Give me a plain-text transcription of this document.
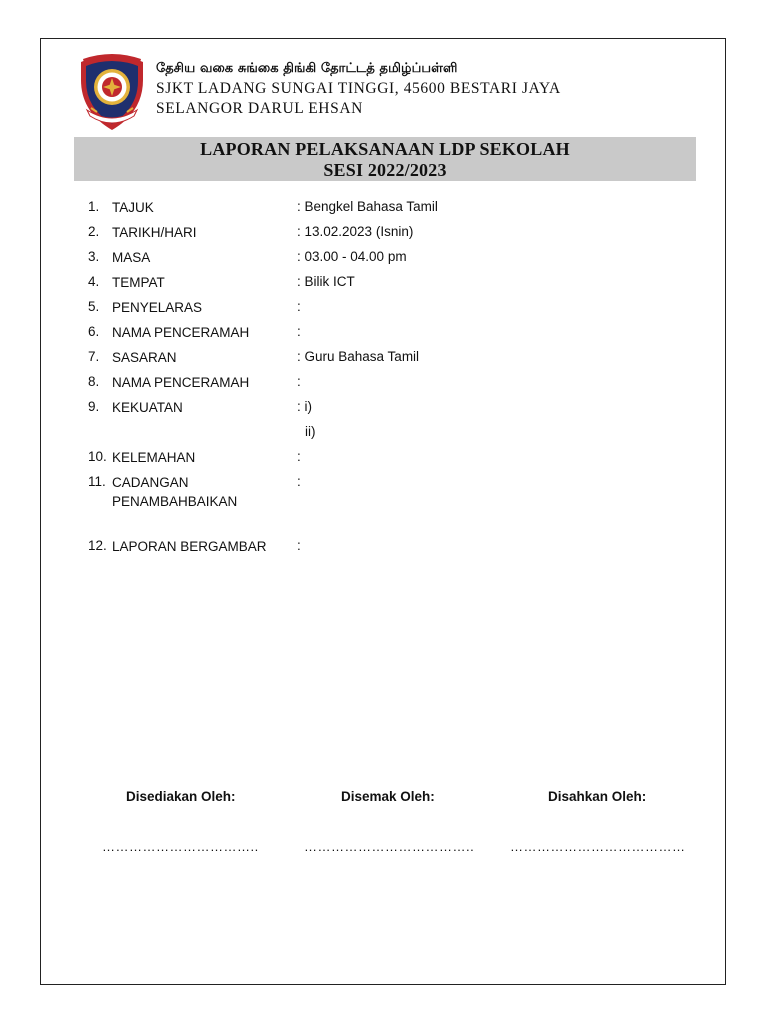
தேசிய வகை சுங்கை திங்கி தோட்டத் தமிழ்ப்பள்ளி
SJKT LADANG SUNGAI TINGGI, 45600 BESTARI JAYA
SELANGOR DARUL EHSAN
LAPORAN PELAKSANAAN LDP SEKOLAH
SESI 2022/2023
1. TAJUK	: Bengkel Bahasa Tamil
2. TARIKH/HARI	: 13.02.2023 (Isnin)
3. MASA	: 03.00 - 04.00 pm
4. TEMPAT	: Bilik ICT
5. PENYELARAS	:
6. NAMA PENCERAMAH	:
7. SASARAN	: Guru Bahasa Tamil
8. NAMA PENCERAMAH	:
9. KEKUATAN	: i)
ii)
10. KELEMAHAN	:
11. CADANGAN
PENAMBAHBAIKAN
:
12. LAPORAN BERGAMBAR :
Disediakan Oleh:	Disemak Oleh:	Disahkan Oleh:
……………………………..	………………………………..	…………………………………
